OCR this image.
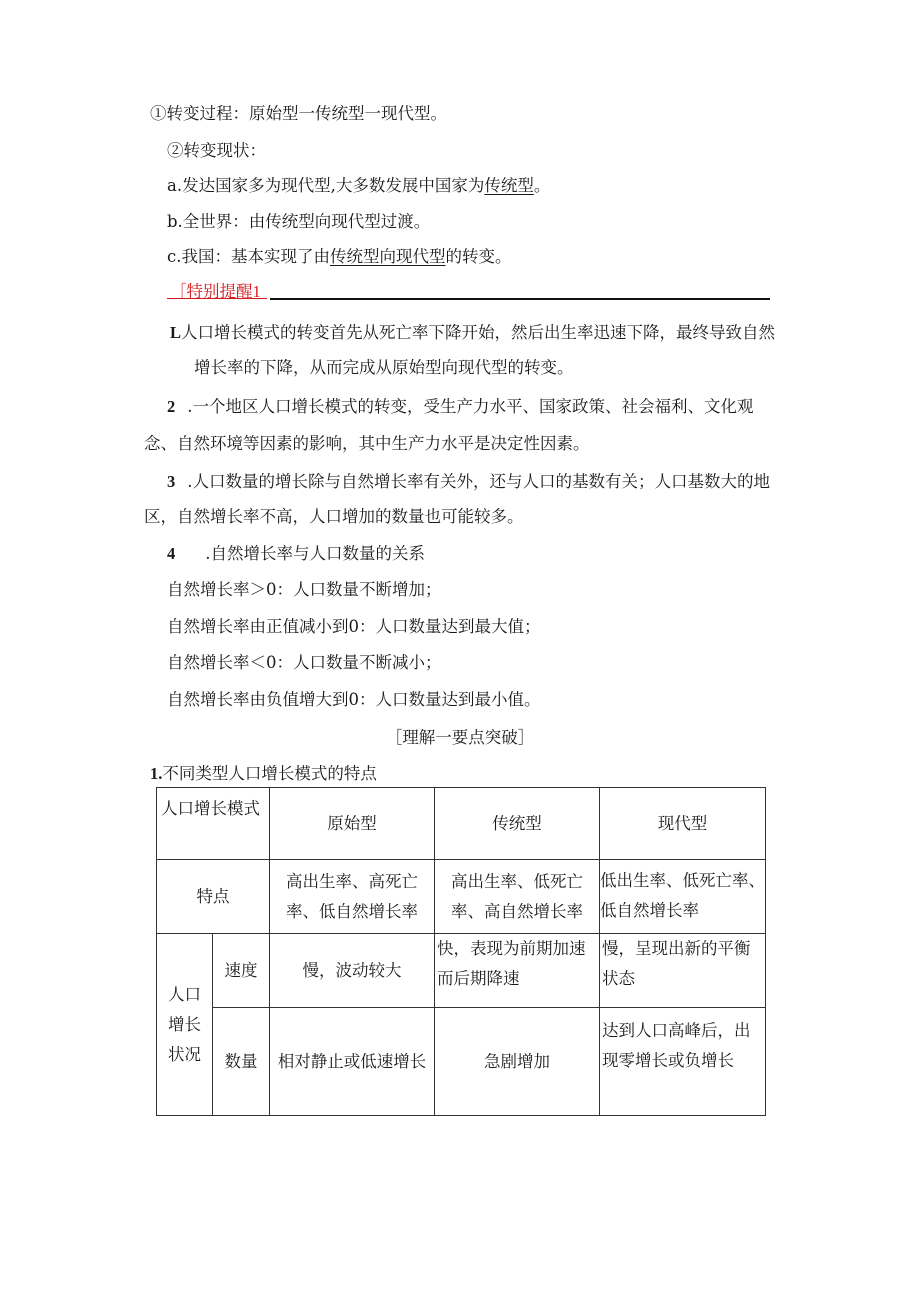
①转变过程：原始型一传统型一现代型。
②转变现状：
a.发达国家多为现代型,大多数发展中国家为传统型。
b.全世界：由传统型向现代型过渡。
c.我国：基本实现了由传统型向现代型的转变。
［特别提醒1
L人口增长模式的转变首先从死亡率下降开始，然后出生率迅速下降，最终导致自然
增长率的下降，从而完成从原始型向现代型的转变。
2 .一个地区人口增长模式的转变，受生产力水平、国家政策、社会福利、文化观
念、自然环境等因素的影响，其中生产力水平是决定性因素。
3 .人口数量的增长除与自然增长率有关外，还与人口的基数有关；人口基数大的地
区，自然增长率不高，人口增加的数量也可能较多。
4 .自然增长率与人口数量的关系
自然增长率＞0：人口数量不断增加；
自然增长率由正值减小到0：人口数量达到最大值；
自然增长率＜0：人口数量不断减小；
自然增长率由负值增大到0：人口数量达到最小值。
［理解一要点突破］
1.不同类型人口增长模式的特点
人口增长模式		原始型	传统型	现代型
特点		高出生率、高死亡率、低自然增长率	高出生率、低死亡率、高自然增长率	低出生率、低死亡率、低自然增长率
人口增长状况	速度	慢，波动较大	快，表现为前期加速而后期降速	慢，呈现出新的平衡状态
	数量	相对静止或低速增长	急剧增加	达到人口高峰后，出现零增长或负增长
